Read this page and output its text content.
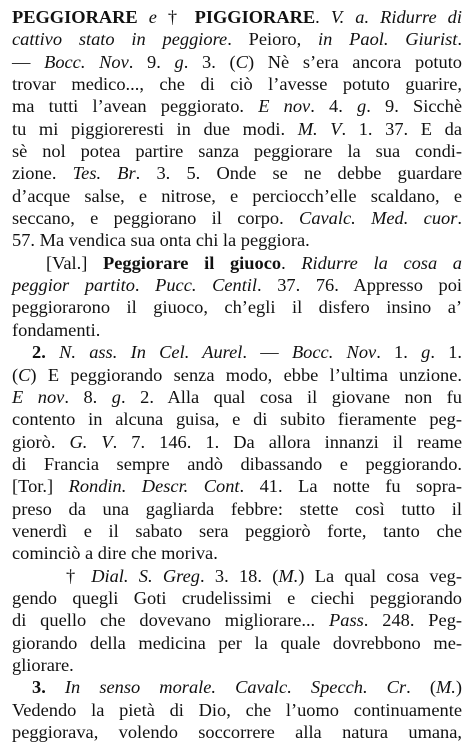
PEGGIORARE e † PIGGIORARE. V. a. Ridurre di
cattivo stato in peggiore. Peioro, in Paol. Giurist.
— Bocc. Nov. 9. g. 3. (C) Nè s’era ancora potuto
trovar medico..., che di ciò l’avesse potuto guarire,
ma tutti l’avean peggiorato. E nov. 4. g. 9. Sicchè
tu mi piggioreresti in due modi. M. V. 1. 37. E da
sè nol potea partire sanza peggiorare la sua condi-
zione. Tes. Br. 3. 5. Onde se ne debbe guardare
d’acque salse, e nitrose, e perciocch’elle scaldano, e
seccano, e peggiorano il corpo. Cavalc. Med. cuor.
57. Ma vendica sua onta chi la peggiora.
[Val.] Peggiorare il giuoco. Ridurre la cosa a
peggior partito. Pucc. Centil. 37. 76. Appresso poi
peggiorarono il giuoco, ch’egli il disfero insino a’
fondamenti.
2. N. ass. In Cel. Aurel. — Bocc. Nov. 1. g. 1.
(C) E peggiorando senza modo, ebbe l’ultima unzione.
E nov. 8. g. 2. Alla qual cosa il giovane non fu
contento in alcuna guisa, e di subito fieramente peg-
giorò. G. V. 7. 146. 1. Da allora innanzi il reame
di Francia sempre andò dibassando e peggiorando.
[Tor.] Rondin. Descr. Cont. 41. La notte fu sopra-
preso da una gagliarda febbre: stette così tutto il
venerdì e il sabato sera peggiorò forte, tanto che
cominciò a dire che moriva.
† Dial. S. Greg. 3. 18. (M.) La qual cosa veg-
gendo quegli Goti crudelissimi e ciechi peggiorando
di quello che dovevano migliorare... Pass. 248. Peg-
giorando della medicina per la quale dovrebbono me-
gliorare.
3. In senso morale. Cavalc. Specch. Cr. (M.)
Vedendo la pietà di Dio, che l’uomo continuamente
peggiorava, volendo soccorrere alla natura umana,
